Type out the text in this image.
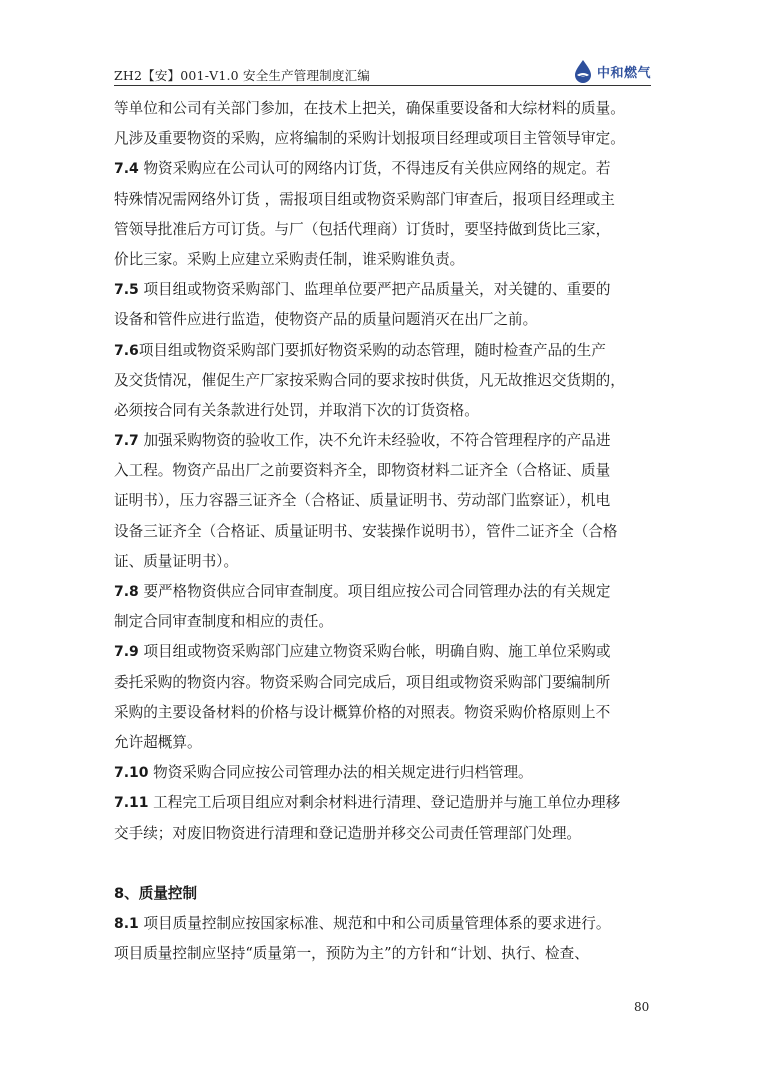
ZH2【安】001-V1.0 安全生产管理制度汇编	中和燃气
等单位和公司有关部门参加，在技术上把关，确保重要设备和大综材料的质量。
凡涉及重要物资的采购，应将编制的采购计划报项目经理或项目主管领导审定。
7.4 物资采购应在公司认可的网络内订货，不得违反有关供应网络的规定。若
特殊情况需网络外订货 ，需报项目组或物资采购部门审查后，报项目经理或主
管领导批准后方可订货。与厂（包括代理商）订货时，要坚持做到货比三家，
价比三家。采购上应建立采购责任制，谁采购谁负责。
7.5 项目组或物资采购部门、监理单位要严把产品质量关，对关键的、重要的
设备和管件应进行监造，使物资产品的质量问题消灭在出厂之前。
7.6项目组或物资采购部门要抓好物资采购的动态管理，随时检查产品的生产
及交货情况，催促生产厂家按采购合同的要求按时供货，凡无故推迟交货期的，
必须按合同有关条款进行处罚，并取消下次的订货资格。
7.7 加强采购物资的验收工作，决不允许未经验收，不符合管理程序的产品进
入工程。物资产品出厂之前要资料齐全，即物资材料二证齐全（合格证、质量
证明书），压力容器三证齐全（合格证、质量证明书、劳动部门监察证），机电
设备三证齐全（合格证、质量证明书、安装操作说明书），管件二证齐全（合格
证、质量证明书）。
7.8 要严格物资供应合同审查制度。项目组应按公司合同管理办法的有关规定
制定合同审查制度和相应的责任。
7.9 项目组或物资采购部门应建立物资采购台帐，明确自购、施工单位采购或
委托采购的物资内容。物资采购合同完成后，项目组或物资采购部门要编制所
采购的主要设备材料的价格与设计概算价格的对照表。物资采购价格原则上不
允许超概算。
7.10 物资采购合同应按公司管理办法的相关规定进行归档管理。
7.11 工程完工后项目组应对剩余材料进行清理、登记造册并与施工单位办理移
交手续；对废旧物资进行清理和登记造册并移交公司责任管理部门处理。
8、质量控制
8.1 项目质量控制应按国家标准、规范和中和公司质量管理体系的要求进行。
项目质量控制应坚持“质量第一，预防为主”的方针和“计划、执行、检查、
80
